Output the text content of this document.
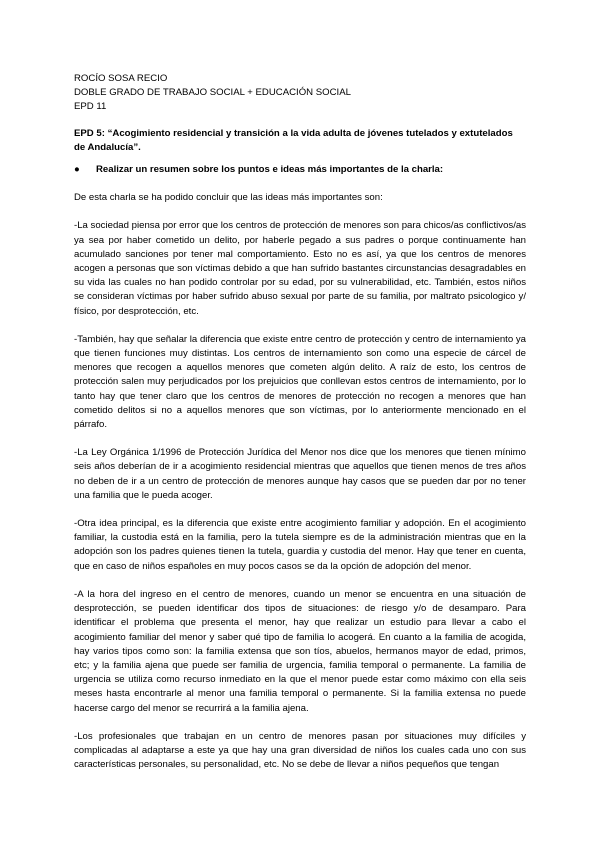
ROCÍO SOSA RECIO
DOBLE GRADO DE TRABAJO SOCIAL + EDUCACIÓN SOCIAL
EPD 11
EPD 5: “Acogimiento residencial y transición a la vida adulta de jóvenes tutelados y extutelados de Andalucía”.
●	Realizar un resumen sobre los puntos e ideas más importantes de la charla:
De esta charla se ha podido concluir que las ideas más importantes son:
-La sociedad piensa por error que los centros de protección de menores son para chicos/as conflictivos/as ya sea por haber cometido un delito, por haberle pegado a sus padres o porque continuamente han acumulado sanciones por tener mal comportamiento. Esto no es así, ya que los centros de menores acogen a personas que son víctimas debido a que han sufrido bastantes circunstancias desagradables en su vida las cuales no han podido controlar por su edad, por su vulnerabilidad, etc. También, estos niños se consideran víctimas por haber sufrido abuso sexual por parte de su familia, por maltrato psicologico y/ físico, por desprotección, etc.
-También, hay que señalar la diferencia que existe entre centro de protección y centro de internamiento ya que tienen funciones muy distintas. Los centros de internamiento son como una especie de cárcel de menores que recogen a aquellos menores que cometen algún delito. A raíz de esto, los centros de protección salen muy perjudicados por los prejuicios que conllevan estos centros de internamiento, por lo tanto hay que tener claro que los centros de menores de protección no recogen a menores que han cometido delitos si no a aquellos menores que son víctimas, por lo anteriormente mencionado en el párrafo.
-La Ley Orgánica 1/1996 de Protección Jurídica del Menor nos dice que los menores que tienen mínimo seis años deberían de ir a acogimiento residencial mientras que aquellos que tienen menos de tres años no deben de ir a un centro de protección de menores aunque hay casos que se pueden dar por no tener una familia que le pueda acoger.
-Otra idea principal, es la diferencia que existe entre acogimiento familiar y adopción. En el acogimiento familiar, la custodia está en la familia, pero la tutela siempre es de la administración mientras que en la adopción son los padres quienes tienen la tutela, guardia y custodia del menor. Hay que tener en cuenta, que en caso de niños españoles en muy pocos casos se da la opción de adopción del menor.
-A la hora del ingreso en el centro de menores, cuando un menor se encuentra en una situación de desprotección, se pueden identificar dos tipos de situaciones: de riesgo y/o de desamparo. Para identificar el problema que presenta el menor, hay que realizar un estudio para llevar a cabo el acogimiento familiar del menor y saber qué tipo de familia lo acogerá. En cuanto a la familia de acogida, hay varios tipos como son: la familia extensa que son tíos, abuelos, hermanos mayor de edad, primos, etc; y la familia ajena que puede ser familia de urgencia, familia temporal o permanente. La familia de urgencia se utiliza como recurso inmediato en la que el menor puede estar como máximo con ella seis meses hasta encontrarle al menor una familia temporal o permanente. Si la familia extensa no puede hacerse cargo del menor se recurrirá a la familia ajena.
-Los profesionales que trabajan en un centro de menores pasan por situaciones muy difíciles y complicadas al adaptarse a este ya que hay una gran diversidad de niños los cuales cada uno con sus características personales, su personalidad, etc. No se debe de llevar a niños pequeños que tengan
